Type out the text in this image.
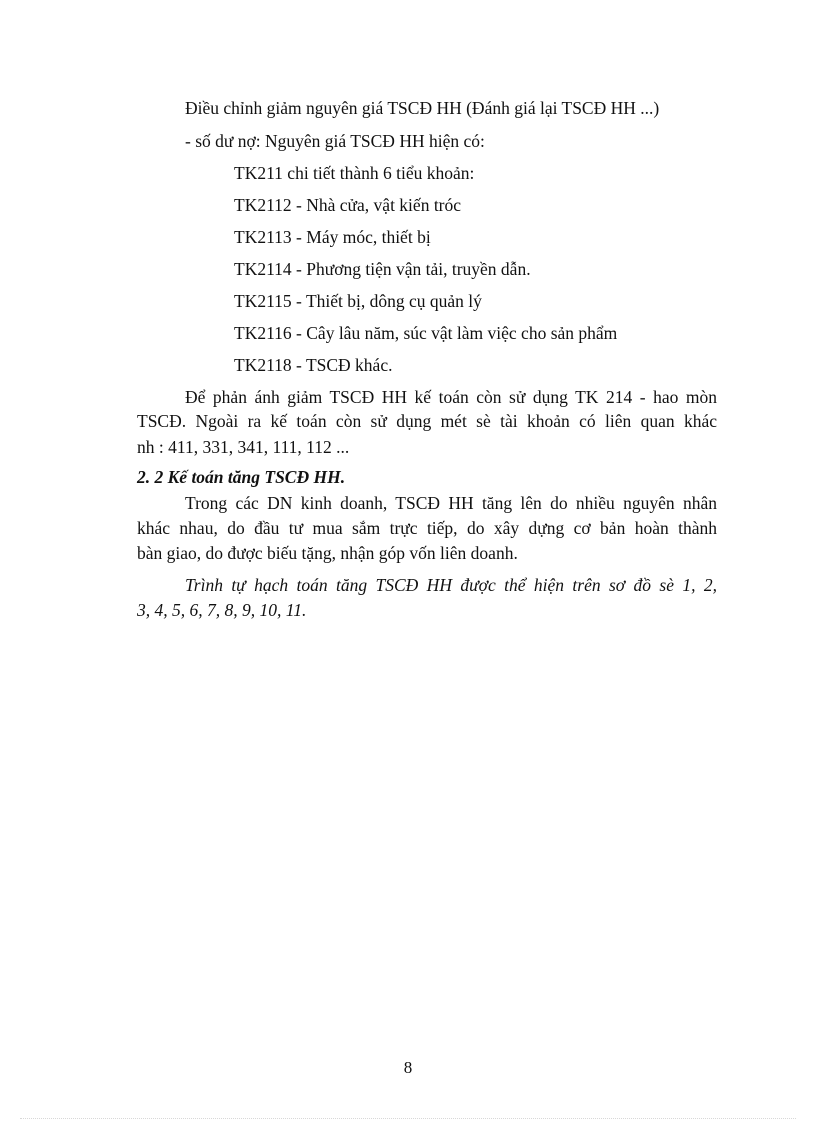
Điều chỉnh giảm nguyên giá TSCĐ HH (Đánh giá lại TSCĐ HH ...)
- số dư nợ: Nguyên giá TSCĐ HH hiện có:
TK211 chi tiết thành 6 tiểu khoản:
TK2112 - Nhà cửa, vật kiến tróc
TK2113 - Máy móc, thiết bị
TK2114 - Phương tiện vận tải, truyền dẫn.
TK2115 - Thiết bị, dông cụ quản lý
TK2116 - Cây lâu năm, súc vật làm việc cho sản phẩm
TK2118 - TSCĐ khác.
Để phản ánh giảm TSCĐ HH kế toán còn sử dụng TK 214 - hao mòn
TSCĐ. Ngoài ra kế toán còn sử dụng mét sè tài khoản có liên quan khác
nh : 411, 331, 341, 111, 112 ...
2. 2 Kế toán tăng TSCĐ HH.
Trong các DN kinh doanh, TSCĐ HH tăng lên do nhiều nguyên nhân
khác nhau, do đầu tư mua sắm trực tiếp, do xây dựng cơ bản hoàn thành
bàn giao, do được biếu tặng, nhận góp vốn liên doanh.
Trình tự hạch toán tăng TSCĐ HH được thể hiện trên sơ đồ sè 1, 2,
3, 4, 5, 6, 7, 8, 9, 10, 11.
8
